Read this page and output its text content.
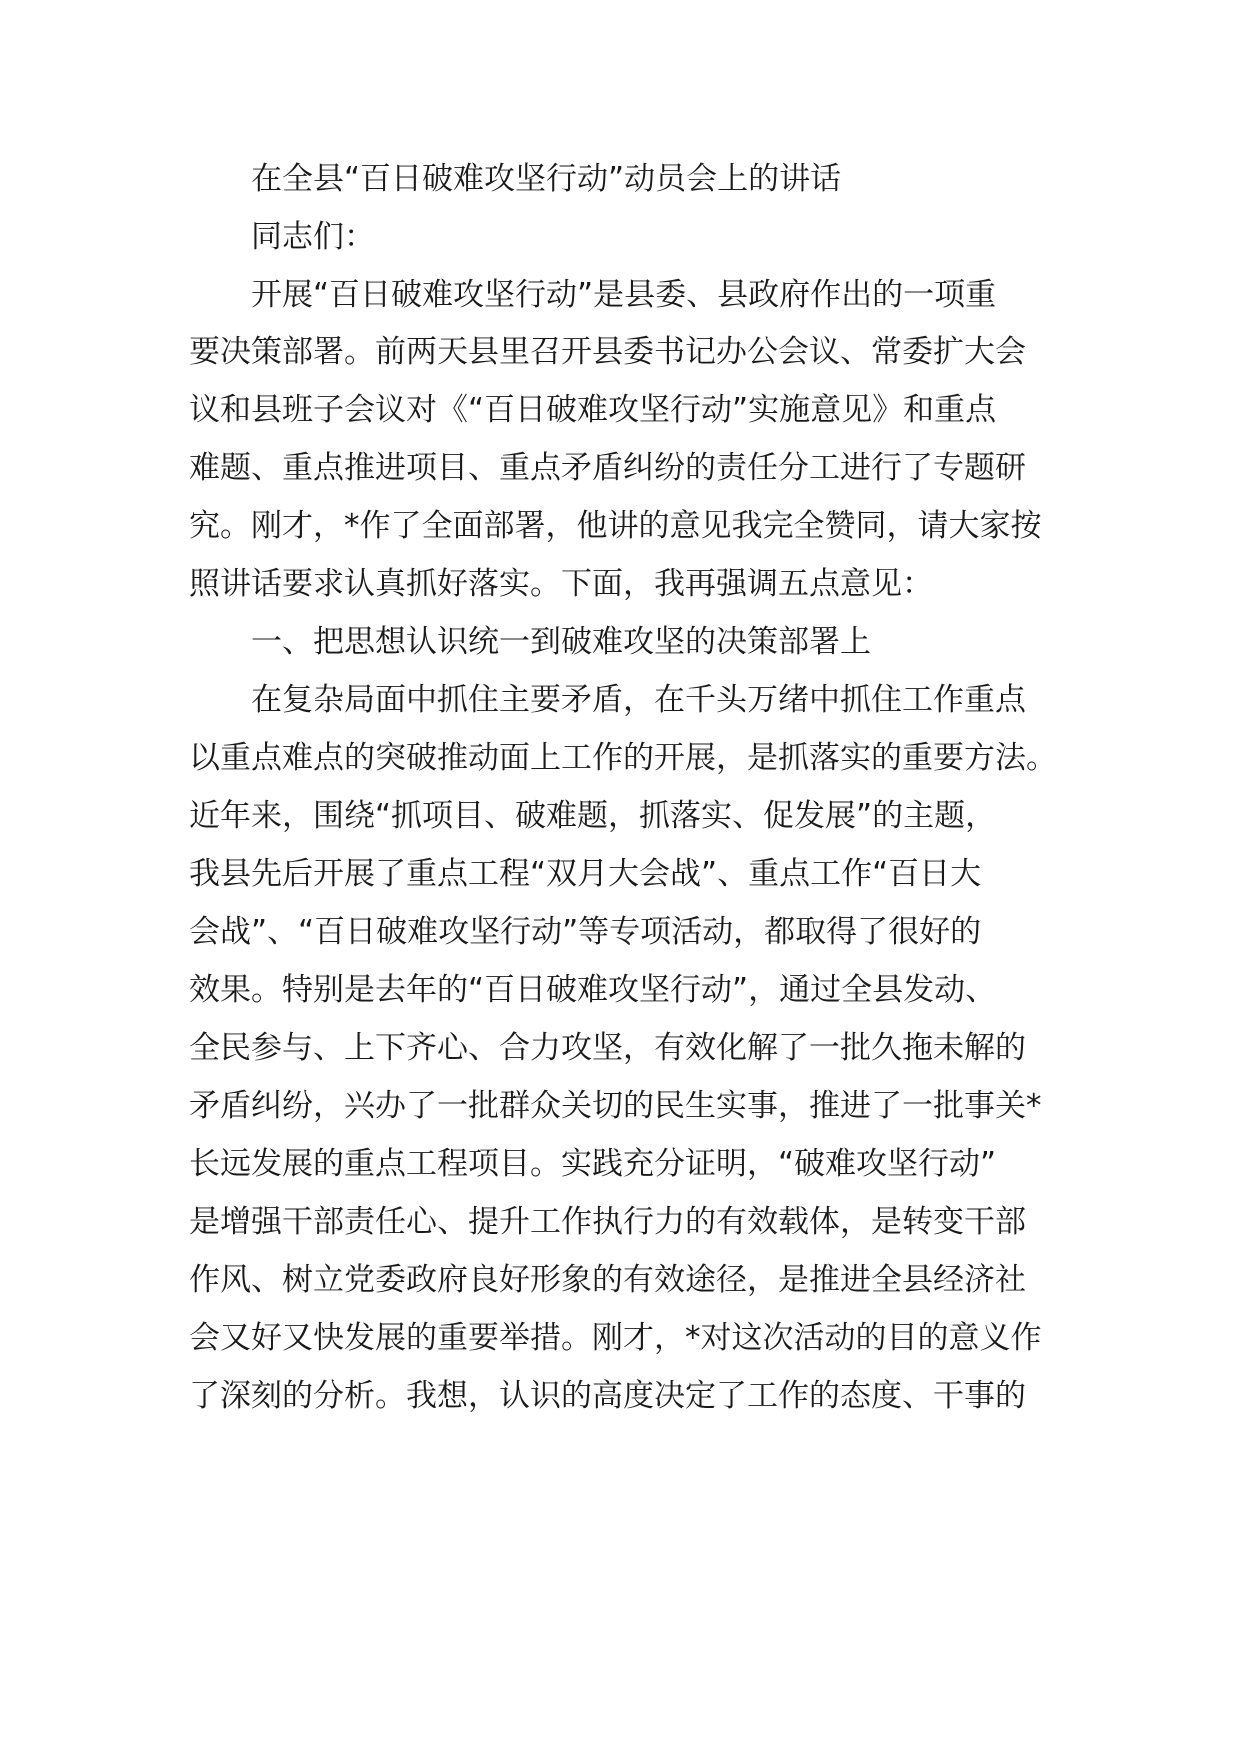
在全县“百日破难攻坚行动”动员会上的讲话
同志们：
开展“百日破难攻坚行动”是县委、县政府作出的一项重
要决策部署。前两天县里召开县委书记办公会议、常委扩大会
议和县班子会议对《“百日破难攻坚行动”实施意见》和重点
难题、重点推进项目、重点矛盾纠纷的责任分工进行了专题研
究。刚才，*作了全面部署，他讲的意见我完全赞同，请大家按
照讲话要求认真抓好落实。下面，我再强调五点意见：
一、把思想认识统一到破难攻坚的决策部署上
在复杂局面中抓住主要矛盾，在千头万绪中抓住工作重点
以重点难点的突破推动面上工作的开展，是抓落实的重要方法。
近年来，围绕“抓项目、破难题，抓落实、促发展”的主题，
我县先后开展了重点工程“双月大会战”、重点工作“百日大
会战”、“百日破难攻坚行动”等专项活动，都取得了很好的
效果。特别是去年的“百日破难攻坚行动”，通过全县发动、
全民参与、上下齐心、合力攻坚，有效化解了一批久拖未解的
矛盾纠纷，兴办了一批群众关切的民生实事，推进了一批事关*
长远发展的重点工程项目。实践充分证明，“破难攻坚行动”
是增强干部责任心、提升工作执行力的有效载体，是转变干部
作风、树立党委政府良好形象的有效途径，是推进全县经济社
会又好又快发展的重要举措。刚才，*对这次活动的目的意义作
了深刻的分析。我想，认识的高度决定了工作的态度、干事的
